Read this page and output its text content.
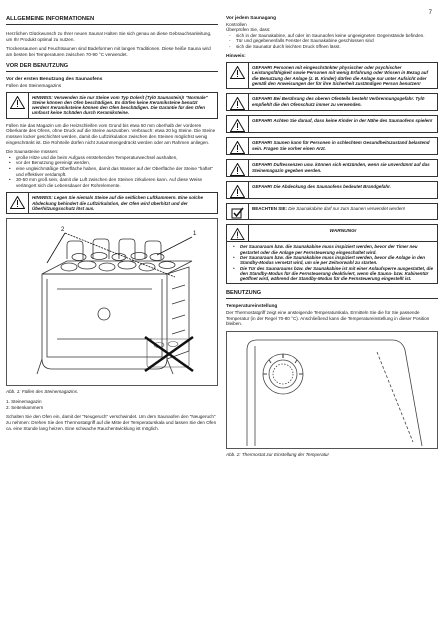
7
ALLGEMEINE INFORMATIONEN

Herzlichen Glückwunsch zu Ihrer neuen Sauna! Halten Sie sich genau an diese Gebrauchsanleitung, um Ihr Produkt optimal zu nutzen.

Trockensaunen und Feuchtsaunen sind Badeformen mit langen Traditionen. Diese heiße Sauna wird am besten bei Temperaturen zwischen 70-90 °C verwendet.

VOR DER BENUTZUNG
Vor der ersten Benutzung des Saunaofens
Füllen des Steinemagazins
HINWEIS: Verwenden Sie nur Steine vom Typ Dolerit (Tylö Saunastein)! "Normale" Steine können den Ofen beschädigen. Es dürfen keine Keramiksteine benutzt werden! Keramiksteine können den Ofen beschädigen. Die Garantie für den Ofen umfasst keine Schäden durch Keramiksteine.

Füllen Sie das Magazin um die Heizschleifen vom Grund bis etwa 50 mm oberhalb der vorderen Oberkante des Ofens, ohne Druck auf die Steine auszuüben. Verbrauch: etwa 20 kg Steine. Die Steine müssen locker geschichtet werden, damit die Luftzirkulation zwischen den Steinen möglichst wenig eingeschränkt ist. Die Rohrteile dürfen nicht zusammengedrückt werden oder am Rahmen anliegen.

Die Saunasteine müssen:
• große Hitze und die beim Aufguss entstehenden Temperaturwechsel aushalten,
• vor der Benutzung gereinigt werden,
• eine ungleichmäßige Oberfläche haben, damit das Wasser auf der Oberfläche der Steine "haftet" und effektiver verdampft.
• 30-50 mm groß sein, damit die Luft zwischen den Steinen zirkulieren kann. Auf diese Weise verlängert sich die Lebensdauer der Rohrelemente.
HINWEIS: Legen Sie niemals Steine auf die seitlichen Luftkammern. Eine solche Abdeckung behindert die Luftzirkulation, der Ofen wird überhitzt und der Überhitzungsschutz löst aus.
1
2
Abb. 1: Füllen des Steinemagazins.
1. Steinemagazin
2. Seitenkammern

Schalten Sie den Ofen ein, damit der "Neugeruch" verschwindet. Um dem Saunaofen den "Neugeruch" zu nehmen: Drehen Sie den Thermostatgriff auf die Mitte der Temperaturskala und lassen Sie den Ofen ca. eine Stunde lang heizen. Eine schwache Rauchentwicklung ist möglich.

Vor jedem Saunagang
Kontrollen
Überprüfen Sie, dass:
- sich in der Saunakabine, auf oder im Saunaofen keine ungeeigneten Gegenstände befinden.
- Tür und gegebenenfalls Fenster der Saunakabine geschlossen sind
- sich die Saunatür durch leichten Druck öffnen lässt.
Hinweis:
GEFAHR! Personen mit eingeschränkter physischer oder psychischer Leistungsfähigkeit sowie Personen mit wenig Erfahrung oder Wissen in Bezug auf die Benutzung der Anlage (z. B. Kinder) dürfen die Anlage nur unter Aufsicht oder gemäß den Anweisungen der für ihre Sicherheit zuständigen Person benutzen!
GEFAHR! Bei Berührung des oberen Ofenteils besteht Verbrennungsgefahr. Tylö empfiehlt die den Ofenschutz immer zu verwenden.
GEFAHR! Achten Sie darauf, dass keine Kinder in der Nähe des Saunaofens spielen!
GEFAHR! Saunen kann für Personen in schlechtem Gesundheitszustand belastend sein. Fragen Sie vorher einen Arzt.
GEFAHR! Duftessenzen usw. können sich entzünden, wenn sie unverdünnt auf das Steinemagazin gegeben werden.
GEFAHR! Die Abdeckung des Saunaofens bedeutet Brandgefahr.
BEACHTEN SIE: Die Saunakabine darf nur zum Saunen verwendet werden!
WARNUNG!
• Der Saunaraum bzw. die Saunakabine muss inspiziert werden, bevor der Timer neu gestartet oder die Anlage per Fernsteuerung eingeschaltet wird.
• Der Saunaraum bzw. die Saunakabine muss inspiziert werden, bevor die Anlage in den Standby-Modus versetzt wird, um sie per Zeitvorwahl zu starten.
• Die Tür des Saunaraums bzw. der Saunakabine ist mit einer Anlaufsperre ausgestattet, die den Standby-Modus für die Fernsteuerung deaktiviert, wenn die Sauna- bzw. Kabinentür geöffnet wird, während der Standby-Modus für die Fernsteuerung eingestellt ist.
BENUTZUNG
Temperatureinstellung

Der Thermostatgriff zeigt eine ansteigende Temperaturskala. Ermitteln Sie die für Sie passende Temperatur (in der Regel 70-80 °C). Anschließend kann die Temperatureinstellung in dieser Position bleiben.

Abb. 2: Thermostat zur Einstellung der Temperatur
